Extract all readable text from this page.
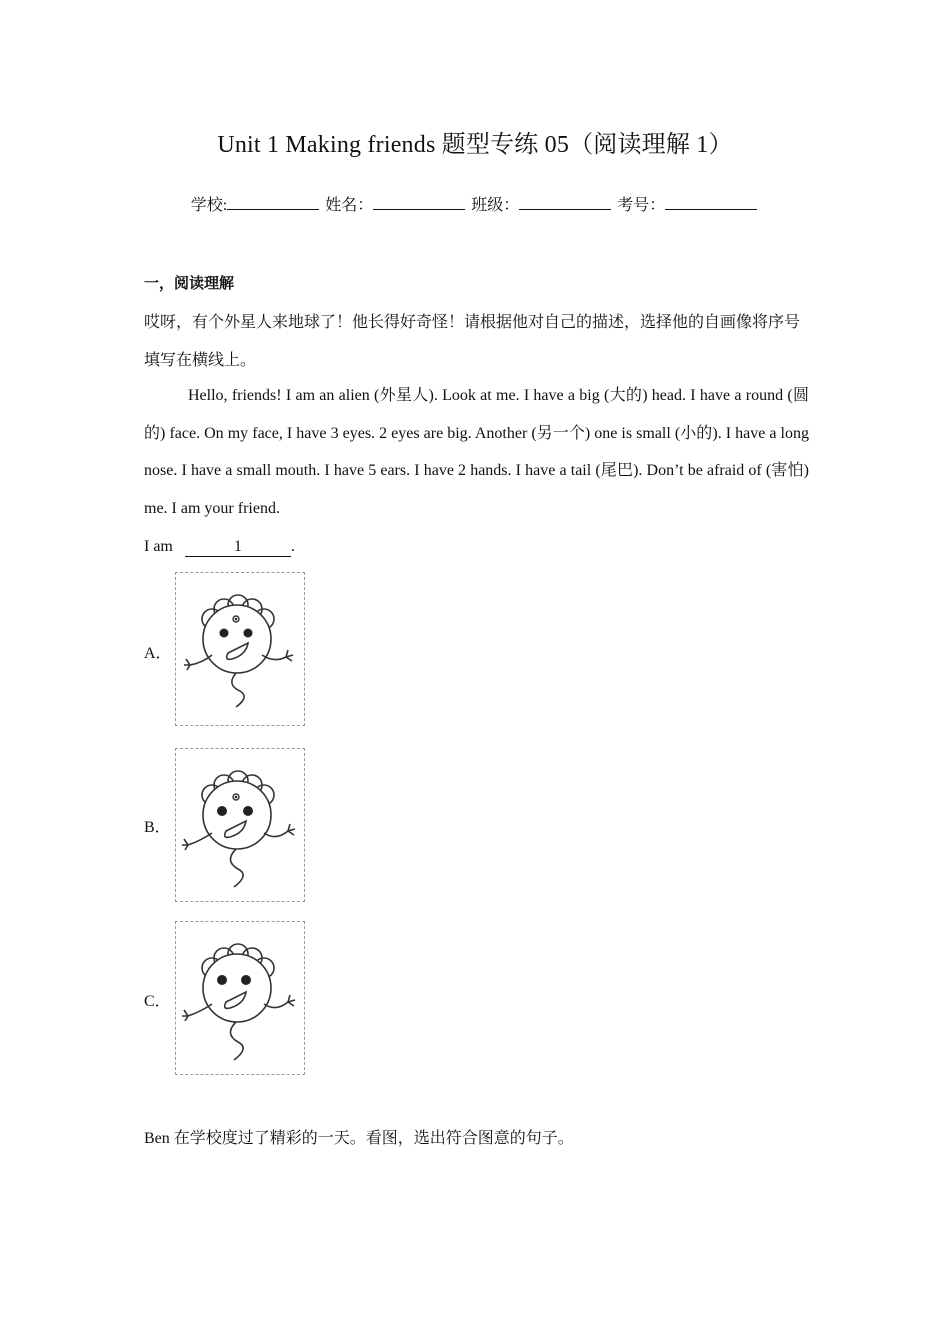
Unit 1 Making friends 题型专练 05（阅读理解 1）
学校:	姓名：	班级：	考号：
一，阅读理解
哎呀，有个外星人来地球了！他长得好奇怪！请根据他对自己的描述，选择他的自画像将序号填写在横线上。
Hello, friends! I am an alien (外星人). Look at me. I have a big (大的) head. I have a round (圆的) face. On my face, I have 3 eyes. 2 eyes are big. Another (另一个) one is small (小的). I have a long nose. I have a small mouth. I have 5 ears. I have 2 hands. I have a tail (尾巴). Don’t be afraid of (害怕) me. I am your friend.
I am	1	.
A．
B．
C．
Ben 在学校度过了精彩的一天。看图，选出符合图意的句子。
